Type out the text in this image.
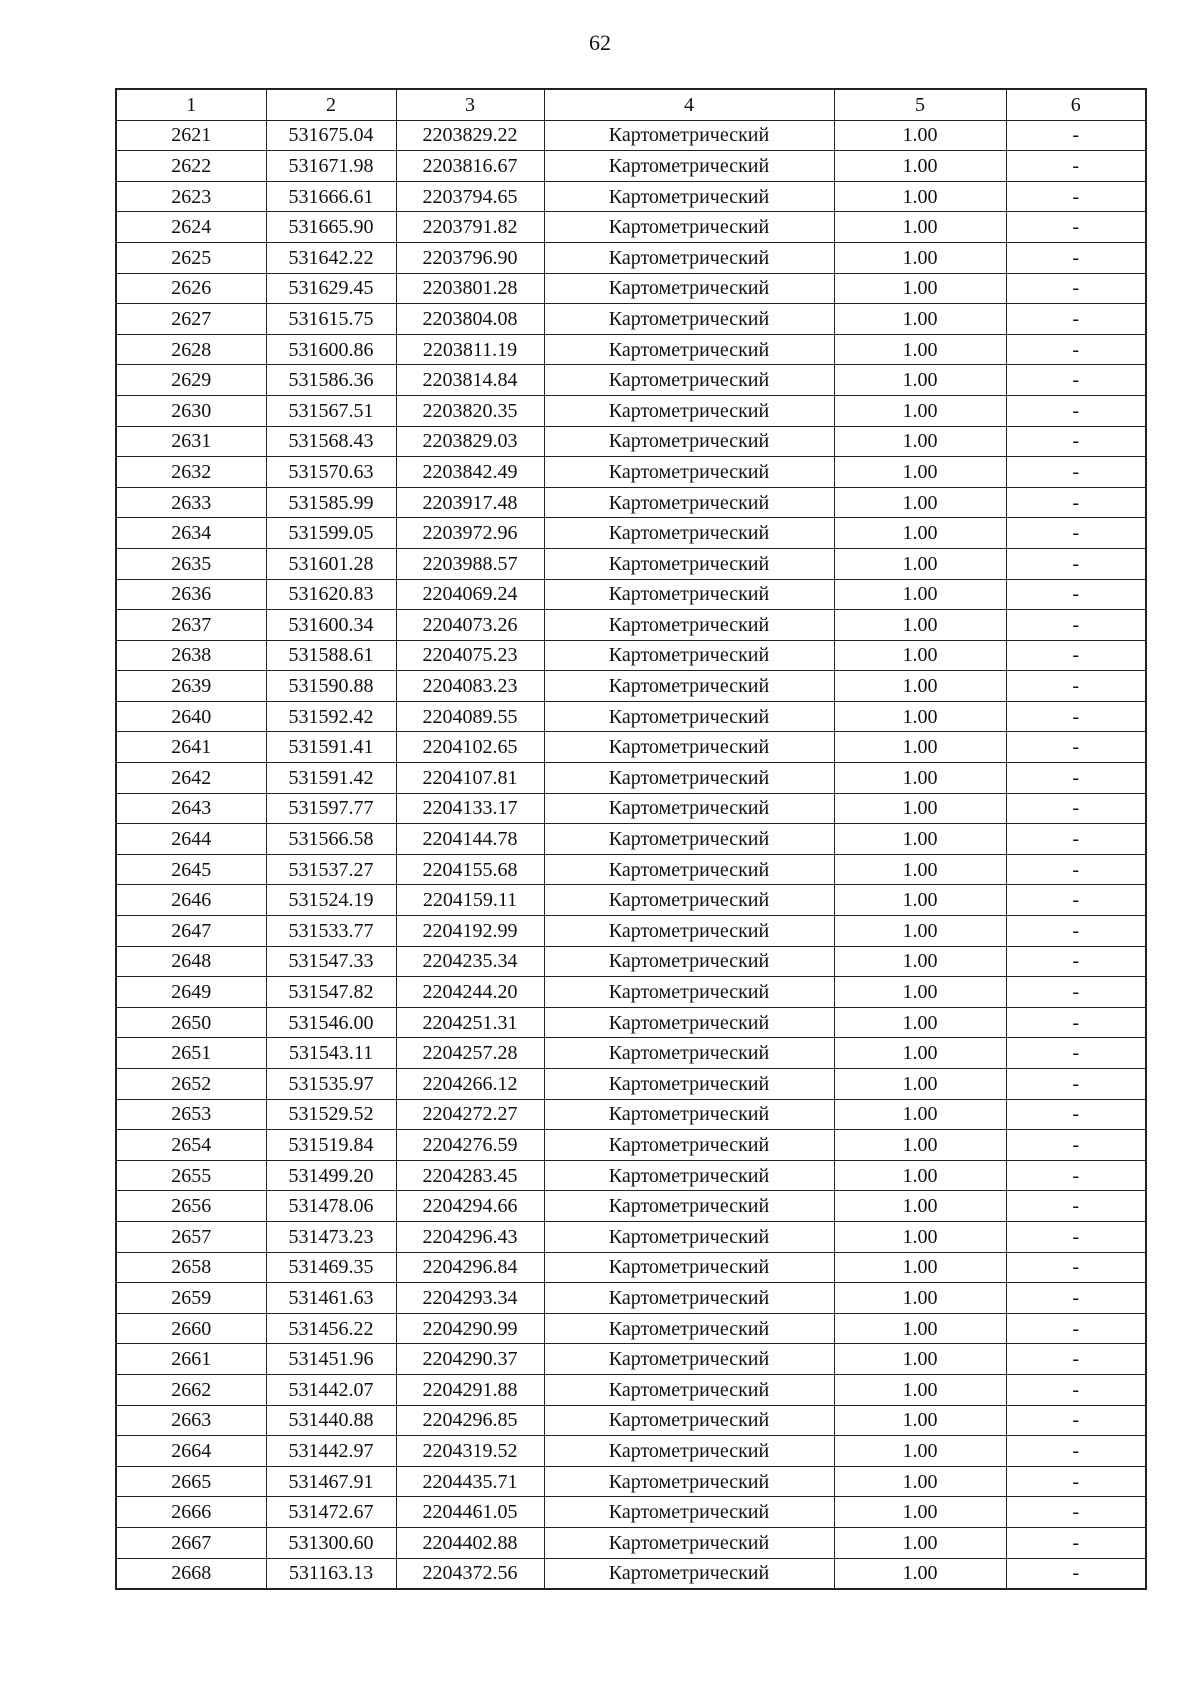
62
1	2	3	4	5	6
2621	531675.04	2203829.22	Картометрический	1.00	-
2622	531671.98	2203816.67	Картометрический	1.00	-
2623	531666.61	2203794.65	Картометрический	1.00	-
2624	531665.90	2203791.82	Картометрический	1.00	-
2625	531642.22	2203796.90	Картометрический	1.00	-
2626	531629.45	2203801.28	Картометрический	1.00	-
2627	531615.75	2203804.08	Картометрический	1.00	-
2628	531600.86	2203811.19	Картометрический	1.00	-
2629	531586.36	2203814.84	Картометрический	1.00	-
2630	531567.51	2203820.35	Картометрический	1.00	-
2631	531568.43	2203829.03	Картометрический	1.00	-
2632	531570.63	2203842.49	Картометрический	1.00	-
2633	531585.99	2203917.48	Картометрический	1.00	-
2634	531599.05	2203972.96	Картометрический	1.00	-
2635	531601.28	2203988.57	Картометрический	1.00	-
2636	531620.83	2204069.24	Картометрический	1.00	-
2637	531600.34	2204073.26	Картометрический	1.00	-
2638	531588.61	2204075.23	Картометрический	1.00	-
2639	531590.88	2204083.23	Картометрический	1.00	-
2640	531592.42	2204089.55	Картометрический	1.00	-
2641	531591.41	2204102.65	Картометрический	1.00	-
2642	531591.42	2204107.81	Картометрический	1.00	-
2643	531597.77	2204133.17	Картометрический	1.00	-
2644	531566.58	2204144.78	Картометрический	1.00	-
2645	531537.27	2204155.68	Картометрический	1.00	-
2646	531524.19	2204159.11	Картометрический	1.00	-
2647	531533.77	2204192.99	Картометрический	1.00	-
2648	531547.33	2204235.34	Картометрический	1.00	-
2649	531547.82	2204244.20	Картометрический	1.00	-
2650	531546.00	2204251.31	Картометрический	1.00	-
2651	531543.11	2204257.28	Картометрический	1.00	-
2652	531535.97	2204266.12	Картометрический	1.00	-
2653	531529.52	2204272.27	Картометрический	1.00	-
2654	531519.84	2204276.59	Картометрический	1.00	-
2655	531499.20	2204283.45	Картометрический	1.00	-
2656	531478.06	2204294.66	Картометрический	1.00	-
2657	531473.23	2204296.43	Картометрический	1.00	-
2658	531469.35	2204296.84	Картометрический	1.00	-
2659	531461.63	2204293.34	Картометрический	1.00	-
2660	531456.22	2204290.99	Картометрический	1.00	-
2661	531451.96	2204290.37	Картометрический	1.00	-
2662	531442.07	2204291.88	Картометрический	1.00	-
2663	531440.88	2204296.85	Картометрический	1.00	-
2664	531442.97	2204319.52	Картометрический	1.00	-
2665	531467.91	2204435.71	Картометрический	1.00	-
2666	531472.67	2204461.05	Картометрический	1.00	-
2667	531300.60	2204402.88	Картометрический	1.00	-
2668	531163.13	2204372.56	Картометрический	1.00	-
